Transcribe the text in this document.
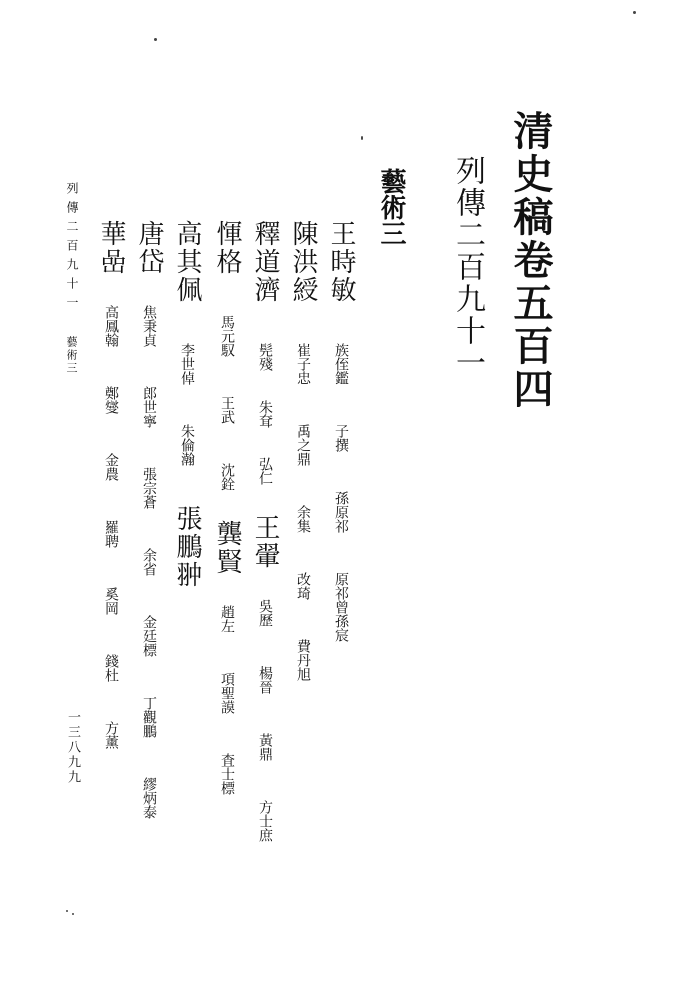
清史稿卷五百四
列傳二百九十一
藝術三
王時敏 族侄鑑 子撰 孫原祁 原祁曾孫宸
陳洪綬 崔子忠 禹之鼎 余集 改琦 費丹旭
釋道濟 髡殘 朱耷 弘仁 王翬 吳歷 楊晉 黃鼎 方士庶
惲格 馬元馭 王武 沈銓 龔賢 趙左 項聖謨 査士標
高其佩 李世倬 朱倫瀚 張鵬翀
唐岱 焦秉貞 郎世寧 張宗蒼 余省 金廷標 丁觀鵬 繆炳泰
華嵒 高鳳翰 鄭燮 金農 羅聘 奚岡 錢杜 方薰
列傳二百九十一
藝術三
一三八九九
